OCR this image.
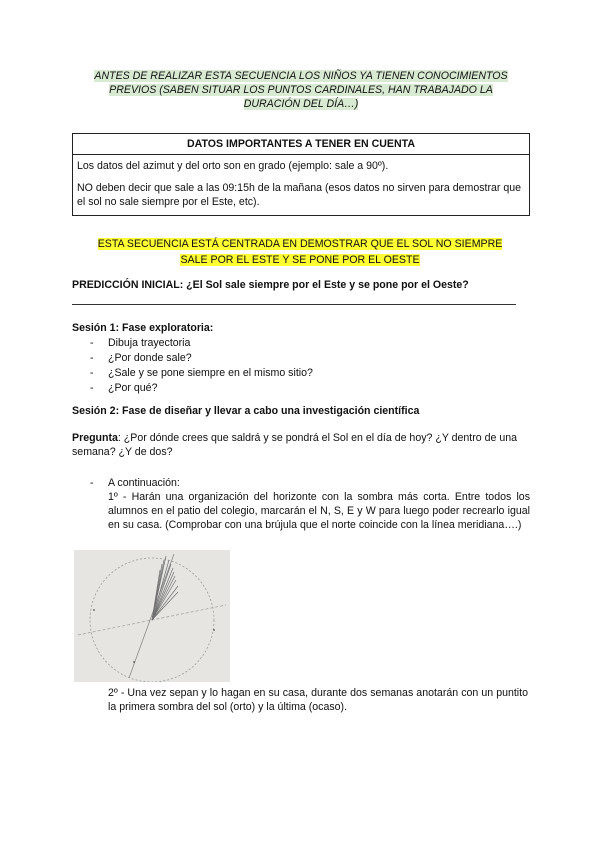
ANTES DE REALIZAR ESTA SECUENCIA LOS NIÑOS YA TIENEN CONOCIMIENTOS
PREVIOS (SABEN SITUAR LOS PUNTOS CARDINALES, HAN TRABAJADO LA
DURACIÓN DEL DÍA…)
DATOS IMPORTANTES A TENER EN CUENTA

Los datos del azimut y del orto son en grado (ejemplo: sale a 90º).

NO deben decir que sale a las 09:15h de la mañana (esos datos no sirven para demostrar que el sol no sale siempre por el Este, etc).

ESTA SECUENCIA ESTÁ CENTRADA EN DEMOSTRAR QUE EL SOL NO SIEMPRE
SALE POR EL ESTE Y SE PONE POR EL OESTE
PREDICCIÓN INICIAL: ¿El Sol sale siempre por el Este y se pone por el Oeste?
Sesión 1: Fase exploratoria:
- Dibuja trayectoria
- ¿Por donde sale?
- ¿Sale y se pone siempre en el mismo sitio?
- ¿Por qué?
Sesión 2: Fase de diseñar y llevar a cabo una investigación científica
Pregunta: ¿Por dónde crees que saldrá y se pondrá el Sol en el día de hoy? ¿Y dentro de una semana? ¿Y de dos?
-	A continuación:
1º - Harán una organización del horizonte con la sombra más corta. Entre todos los alumnos en el patio del colegio, marcarán el N, S, E y W para luego poder recrearlo igual en su casa. (Comprobar con una brújula que el norte coincide con la línea meridiana….)
2º - Una vez sepan y lo hagan en su casa, durante dos semanas anotarán con un puntito la primera sombra del sol (orto) y la última (ocaso).
